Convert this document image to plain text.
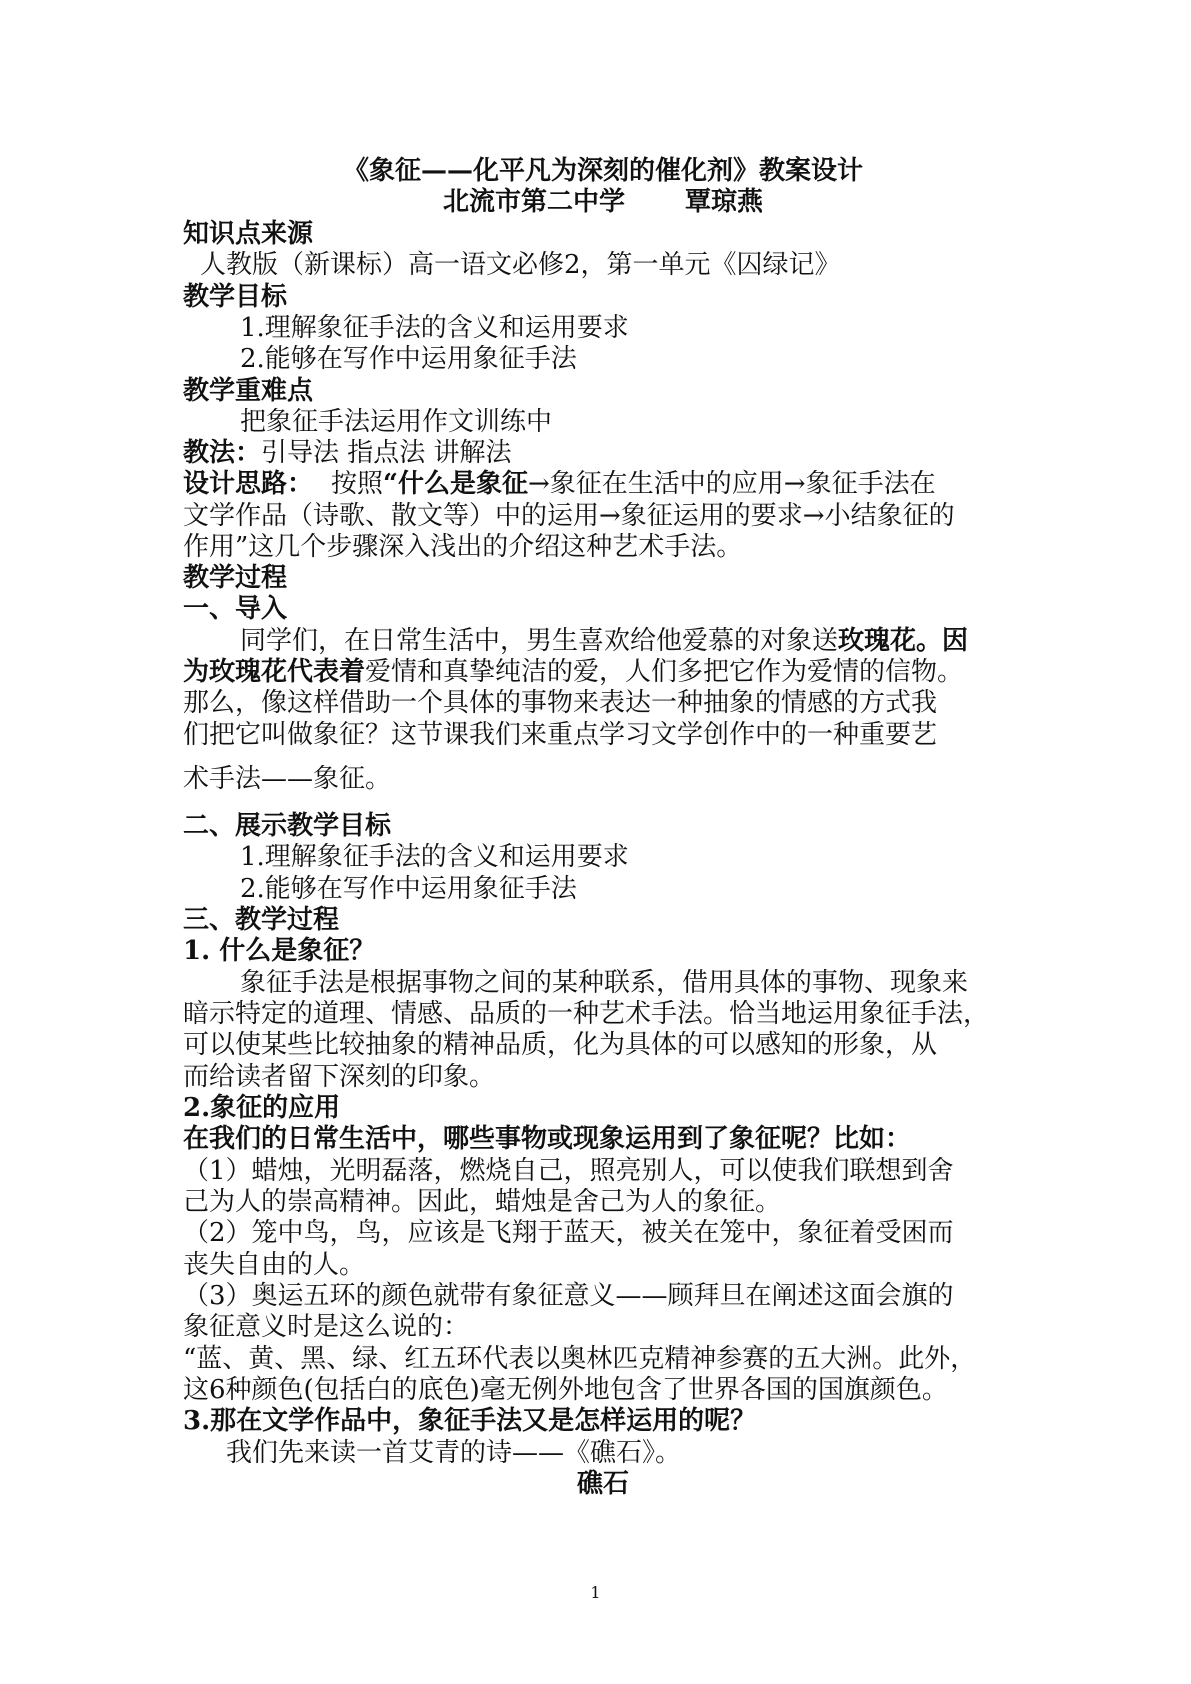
《象征——化平凡为深刻的催化剂》教案设计
北流市第二中学 覃琼燕
知识点来源
人教版（新课标）高一语文必修2，第一单元《囚绿记》
教学目标
1.理解象征手法的含义和运用要求
2.能够在写作中运用象征手法
教学重难点
把象征手法运用作文训练中
教法：引导法 指点法 讲解法
设计思路： 按照“什么是象征→象征在生活中的应用→象征手法在
文学作品（诗歌、散文等）中的运用→象征运用的要求→小结象征的
作用”这几个步骤深入浅出的介绍这种艺术手法。
教学过程
一、导入
同学们，在日常生活中，男生喜欢给他爱慕的对象送玫瑰花。因
为玫瑰花代表着爱情和真挚纯洁的爱，人们多把它作为爱情的信物。
那么，像这样借助一个具体的事物来表达一种抽象的情感的方式我
们把它叫做象征？这节课我们来重点学习文学创作中的一种重要艺
术手法——象征。
二、展示教学目标
1.理解象征手法的含义和运用要求
2.能够在写作中运用象征手法
三、教学过程
1. 什么是象征？
象征手法是根据事物之间的某种联系，借用具体的事物、现象来
暗示特定的道理、情感、品质的一种艺术手法。恰当地运用象征手法，
可以使某些比较抽象的精神品质，化为具体的可以感知的形象，从
而给读者留下深刻的印象。
2.象征的应用
在我们的日常生活中，哪些事物或现象运用到了象征呢？比如：
（1）蜡烛，光明磊落，燃烧自己，照亮别人，可以使我们联想到舍
己为人的崇高精神。因此，蜡烛是舍己为人的象征。
（2）笼中鸟，鸟，应该是飞翔于蓝天，被关在笼中，象征着受困而
丧失自由的人。
（3）奥运五环的颜色就带有象征意义——顾拜旦在阐述这面会旗的
象征意义时是这么说的：
“蓝、黄、黑、绿、红五环代表以奥林匹克精神参赛的五大洲。此外，
这6种颜色(包括白的底色)毫无例外地包含了世界各国的国旗颜色。
3.那在文学作品中，象征手法又是怎样运用的呢？
我们先来读一首艾青的诗——《礁石》。
礁石
1
